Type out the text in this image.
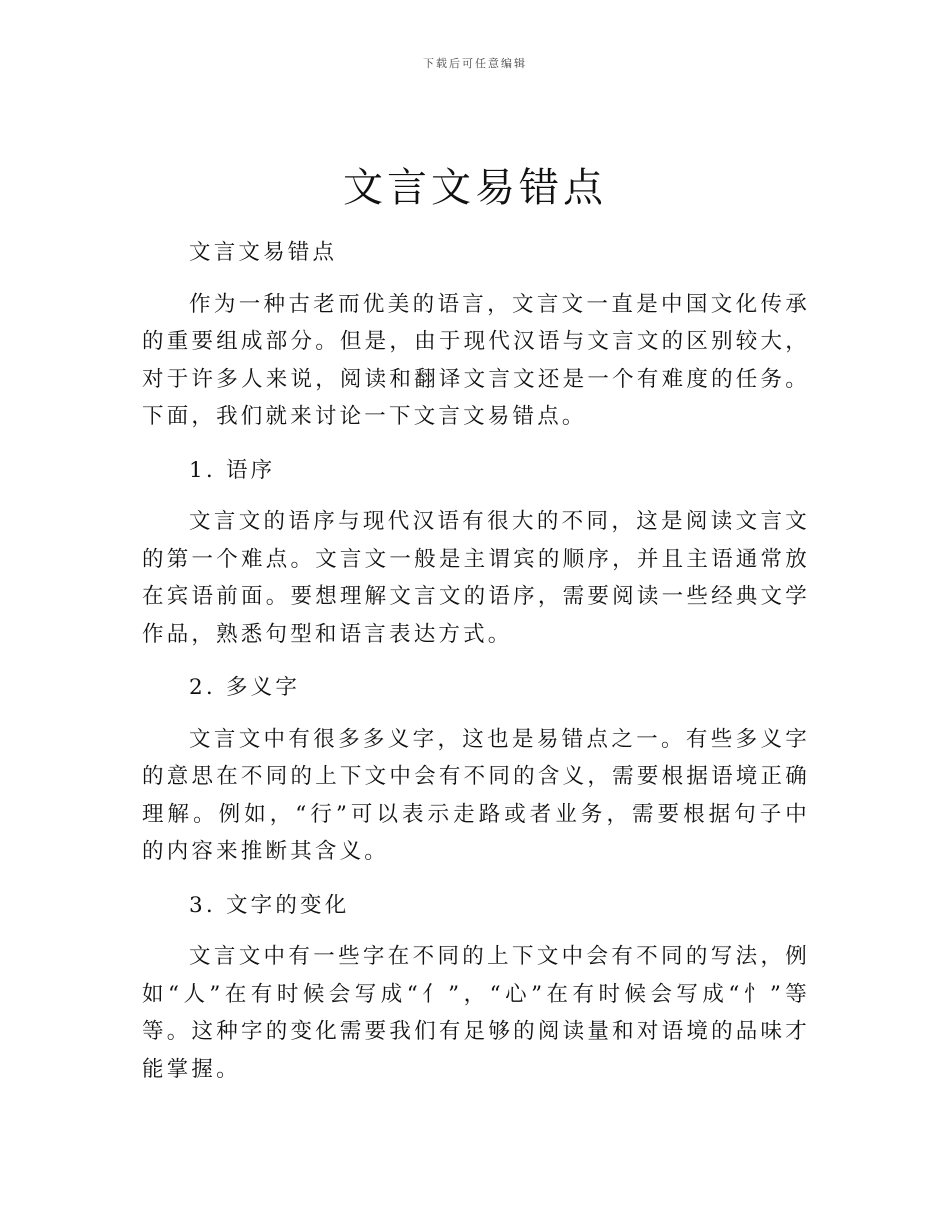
下载后可任意编辑
文言文易错点

文言文易错点

作为一种古老而优美的语言，文言文一直是中国文化传承的重要组成部分。但是，由于现代汉语与文言文的区别较大，对于许多人来说，阅读和翻译文言文还是一个有难度的任务。下面，我们就来讨论一下文言文易错点。

1. 语序

文言文的语序与现代汉语有很大的不同，这是阅读文言文的第一个难点。文言文一般是主谓宾的顺序，并且主语通常放在宾语前面。要想理解文言文的语序，需要阅读一些经典文学作品，熟悉句型和语言表达方式。

2. 多义字

文言文中有很多多义字，这也是易错点之一。有些多义字的意思在不同的上下文中会有不同的含义，需要根据语境正确理解。例如，“行”可以表示走路或者业务，需要根据句子中的内容来推断其含义。

3. 文字的变化

文言文中有一些字在不同的上下文中会有不同的写法，例如“人”在有时候会写成“亻”，“心”在有时候会写成“忄”等等。这种字的变化需要我们有足够的阅读量和对语境的品味才能掌握。
